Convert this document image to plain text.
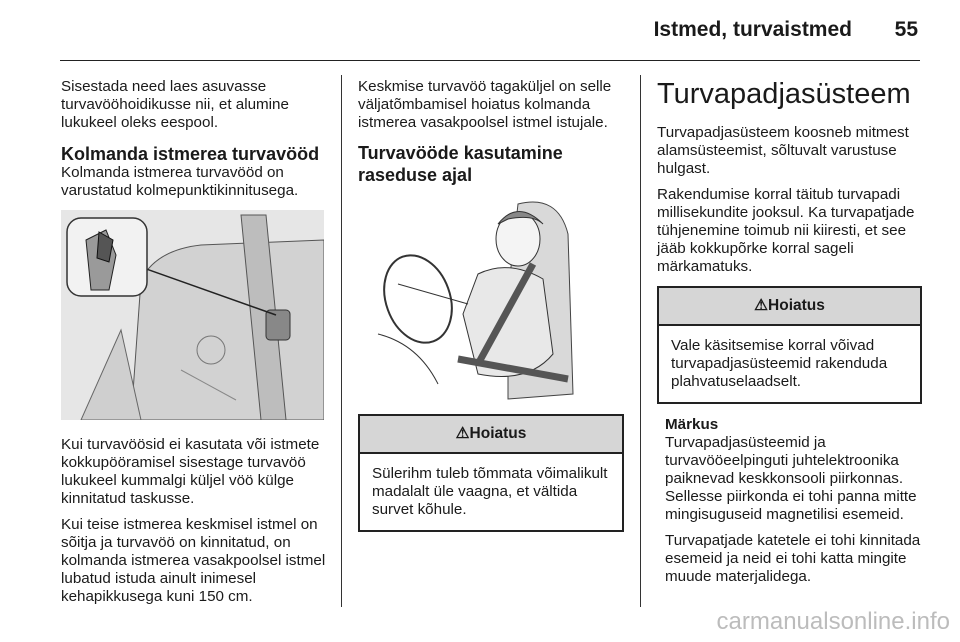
Istmed, turvaistmed 55

Sisestada need laes asuvasse turvavööhoidikusse nii, et alumine lukukeel oleks eespool.

Kolmanda istmerea turvavööd

Kolmanda istmerea turvavööd on varustatud kolmepunktikinnitusega.

Kui turvavöösid ei kasutata või istmete kokkupööramisel sisestage turvavöö lukukeel kummalgi küljel vöö külge kinnitatud taskusse.

Kui teise istmerea keskmisel istmel on sõitja ja turvavöö on kinnitatud, on kolmanda istmerea vasakpoolsel istmel lubatud istuda ainult inimesel kehapikkusega kuni 150 cm.

Keskmise turvavöö tagaküljel on selle väljatõmbamisel hoiatus kolmanda istmerea vasakpoolsel istmel istujale.

Turvavööde kasutamine raseduse ajal
⚠Hoiatus
Sülerihm tuleb tõmmata võimalikult madalalt üle vaagna, et vältida survet kõhule.
Turvapadjasüsteem

Turvapadjasüsteem koosneb mitmest alamsüsteemist, sõltuvalt varustuse hulgast.

Rakendumise korral täitub turvapadi millisekundite jooksul. Ka turvapatjade tühjenemine toimub nii kiiresti, et see jääb kokkupõrke korral sageli märkamatuks.

⚠Hoiatus
Vale käsitsemise korral võivad turvapadjasüsteemid rakenduda plahvatuselaadselt.
Märkus

Turvapadjasüsteemid ja turvavööeelpinguti juhtelektroonika paiknevad keskkonsooli piirkonnas. Sellesse piirkonda ei tohi panna mitte mingisuguseid magnetilisi esemeid.

Turvapatjade katetele ei tohi kinnitada esemeid ja neid ei tohi katta mingite muude materjalidega.

carmanualsonline.info
